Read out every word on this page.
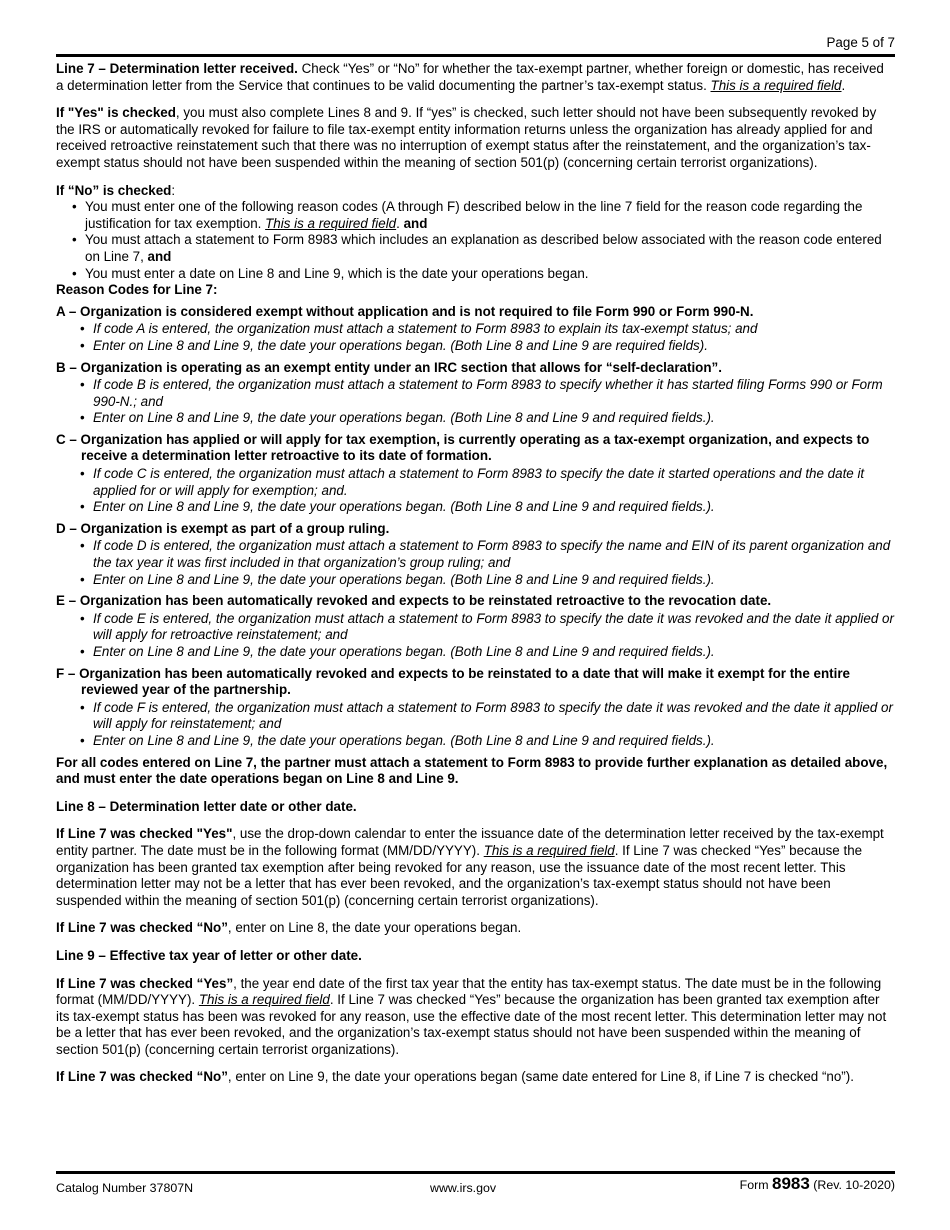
Page 5 of 7

Line 7 – Determination letter received. Check “Yes” or “No” for whether the tax-exempt partner, whether foreign or domestic, has received a determination letter from the Service that continues to be valid documenting the partner’s tax-exempt status. This is a required field.

If "Yes" is checked, you must also complete Lines 8 and 9. If “yes” is checked, such letter should not have been subsequently revoked by the IRS or automatically revoked for failure to file tax-exempt entity information returns unless the organization has already applied for and received retroactive reinstatement such that there was no interruption of exempt status after the reinstatement, and the organization’s tax-exempt status should not have been suspended within the meaning of section 501(p) (concerning certain terrorist organizations).

If “No” is checked:

• You must enter one of the following reason codes (A through F) described below in the line 7 field for the reason code regarding the justification for tax exemption. This is a required field. and
• You must attach a statement to Form 8983 which includes an explanation as described below associated with the reason code entered on Line 7, and
• You must enter a date on Line 8 and Line 9, which is the date your operations began.

Reason Codes for Line 7:

A – Organization is considered exempt without application and is not required to file Form 990 or Form 990-N.

• If code A is entered, the organization must attach a statement to Form 8983 to explain its tax-exempt status; and
• Enter on Line 8 and Line 9, the date your operations began. (Both Line 8 and Line 9 are required fields).

B – Organization is operating as an exempt entity under an IRC section that allows for “self-declaration”.

• If code B is entered, the organization must attach a statement to Form 8983 to specify whether it has started filing Forms 990 or Form 990-N.; and
• Enter on Line 8 and Line 9, the date your operations began. (Both Line 8 and Line 9 and required fields.).

C – Organization has applied or will apply for tax exemption, is currently operating as a tax-exempt organization, and expects to receive a determination letter retroactive to its date of formation.

• If code C is entered, the organization must attach a statement to Form 8983 to specify the date it started operations and the date it applied for or will apply for exemption; and.
• Enter on Line 8 and Line 9, the date your operations began. (Both Line 8 and Line 9 and required fields.).

D – Organization is exempt as part of a group ruling.

• If code D is entered, the organization must attach a statement to Form 8983 to specify the name and EIN of its parent organization and the tax year it was first included in that organization’s group ruling; and
• Enter on Line 8 and Line 9, the date your operations began. (Both Line 8 and Line 9 and required fields.).

E – Organization has been automatically revoked and expects to be reinstated retroactive to the revocation date.

• If code E is entered, the organization must attach a statement to Form 8983 to specify the date it was revoked and the date it applied or will apply for retroactive reinstatement; and
• Enter on Line 8 and Line 9, the date your operations began. (Both Line 8 and Line 9 and required fields.).

F – Organization has been automatically revoked and expects to be reinstated to a date that will make it exempt for the entire reviewed year of the partnership.

• If code F is entered, the organization must attach a statement to Form 8983 to specify the date it was revoked and the date it applied or will apply for reinstatement; and
• Enter on Line 8 and Line 9, the date your operations began. (Both Line 8 and Line 9 and required fields.).

For all codes entered on Line 7, the partner must attach a statement to Form 8983 to provide further explanation as detailed above, and must enter the date operations began on Line 8 and Line 9.

Line 8 – Determination letter date or other date.

If Line 7 was checked "Yes", use the drop-down calendar to enter the issuance date of the determination letter received by the tax-exempt entity partner. The date must be in the following format (MM/DD/YYYY). This is a required field. If Line 7 was checked “Yes” because the organization has been granted tax exemption after being revoked for any reason, use the issuance date of the most recent letter. This determination letter may not be a letter that has ever been revoked, and the organization’s tax-exempt status should not have been suspended within the meaning of section 501(p) (concerning certain terrorist organizations).

If Line 7 was checked “No”, enter on Line 8, the date your operations began.

Line 9 – Effective tax year of letter or other date.

If Line 7 was checked “Yes”, the year end date of the first tax year that the entity has tax-exempt status. The date must be in the following format (MM/DD/YYYY). This is a required field. If Line 7 was checked “Yes” because the organization has been granted tax exemption after its tax-exempt status has been was revoked for any reason, use the effective date of the most recent letter. This determination letter may not be a letter that has ever been revoked, and the organization’s tax-exempt status should not have been suspended within the meaning of section 501(p) (concerning certain terrorist organizations).

If Line 7 was checked “No”, enter on Line 9, the date your operations began (same date entered for Line 8, if Line 7 is checked “no”).

Catalog Number 37807N	www.irs.gov	Form 8983 (Rev. 10-2020)
